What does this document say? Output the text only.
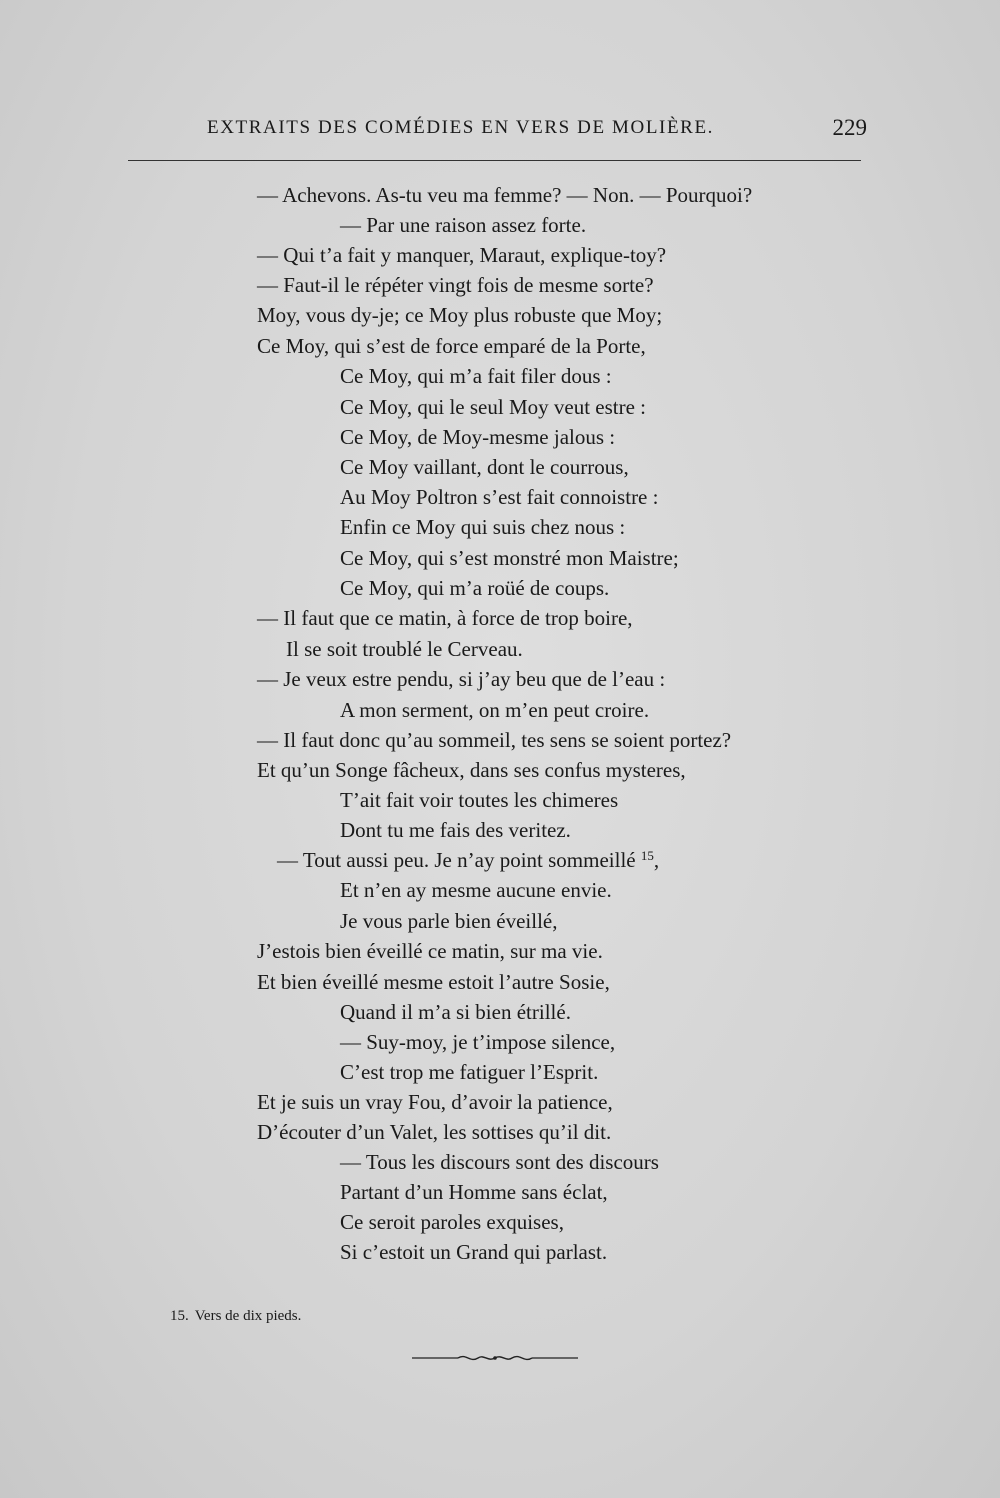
EXTRAITS DES COMÉDIES EN VERS DE MOLIÈRE.	229
— Achevons. As-tu veu ma femme? — Non. — Pourquoi?
— Par une raison assez forte.
— Qui t’a fait y manquer, Maraut, explique-toy?
— Faut-il le répéter vingt fois de mesme sorte?
Moy, vous dy-je; ce Moy plus robuste que Moy;
Ce Moy, qui s’est de force emparé de la Porte,
Ce Moy, qui m’a fait filer dous :
Ce Moy, qui le seul Moy veut estre :
Ce Moy, de Moy-mesme jalous :
Ce Moy vaillant, dont le courrous,
Au Moy Poltron s’est fait connoistre :
Enfin ce Moy qui suis chez nous :
Ce Moy, qui s’est monstré mon Maistre;
Ce Moy, qui m’a roüé de coups.
— Il faut que ce matin, à force de trop boire,
Il se soit troublé le Cerveau.
— Je veux estre pendu, si j’ay beu que de l’eau :
A mon serment, on m’en peut croire.
— Il faut donc qu’au sommeil, tes sens se soient portez?
Et qu’un Songe fâcheux, dans ses confus mysteres,
T’ait fait voir toutes les chimeres
Dont tu me fais des veritez.
— Tout aussi peu. Je n’ay point sommeillé $^{15}$,
Et n’en ay mesme aucune envie.
Je vous parle bien éveillé,
J’estois bien éveillé ce matin, sur ma vie.
Et bien éveillé mesme estoit l’autre Sosie,
Quand il m’a si bien étrillé.
— Suy-moy, je t’impose silence,
C’est trop me fatiguer l’Esprit.
Et je suis un vray Fou, d’avoir la patience,
D’écouter d’un Valet, les sottises qu’il dit.
— Tous les discours sont des discours
Partant d’un Homme sans éclat,
Ce seroit paroles exquises,
Si c’estoit un Grand qui parlast.
15. Vers de dix pieds.
